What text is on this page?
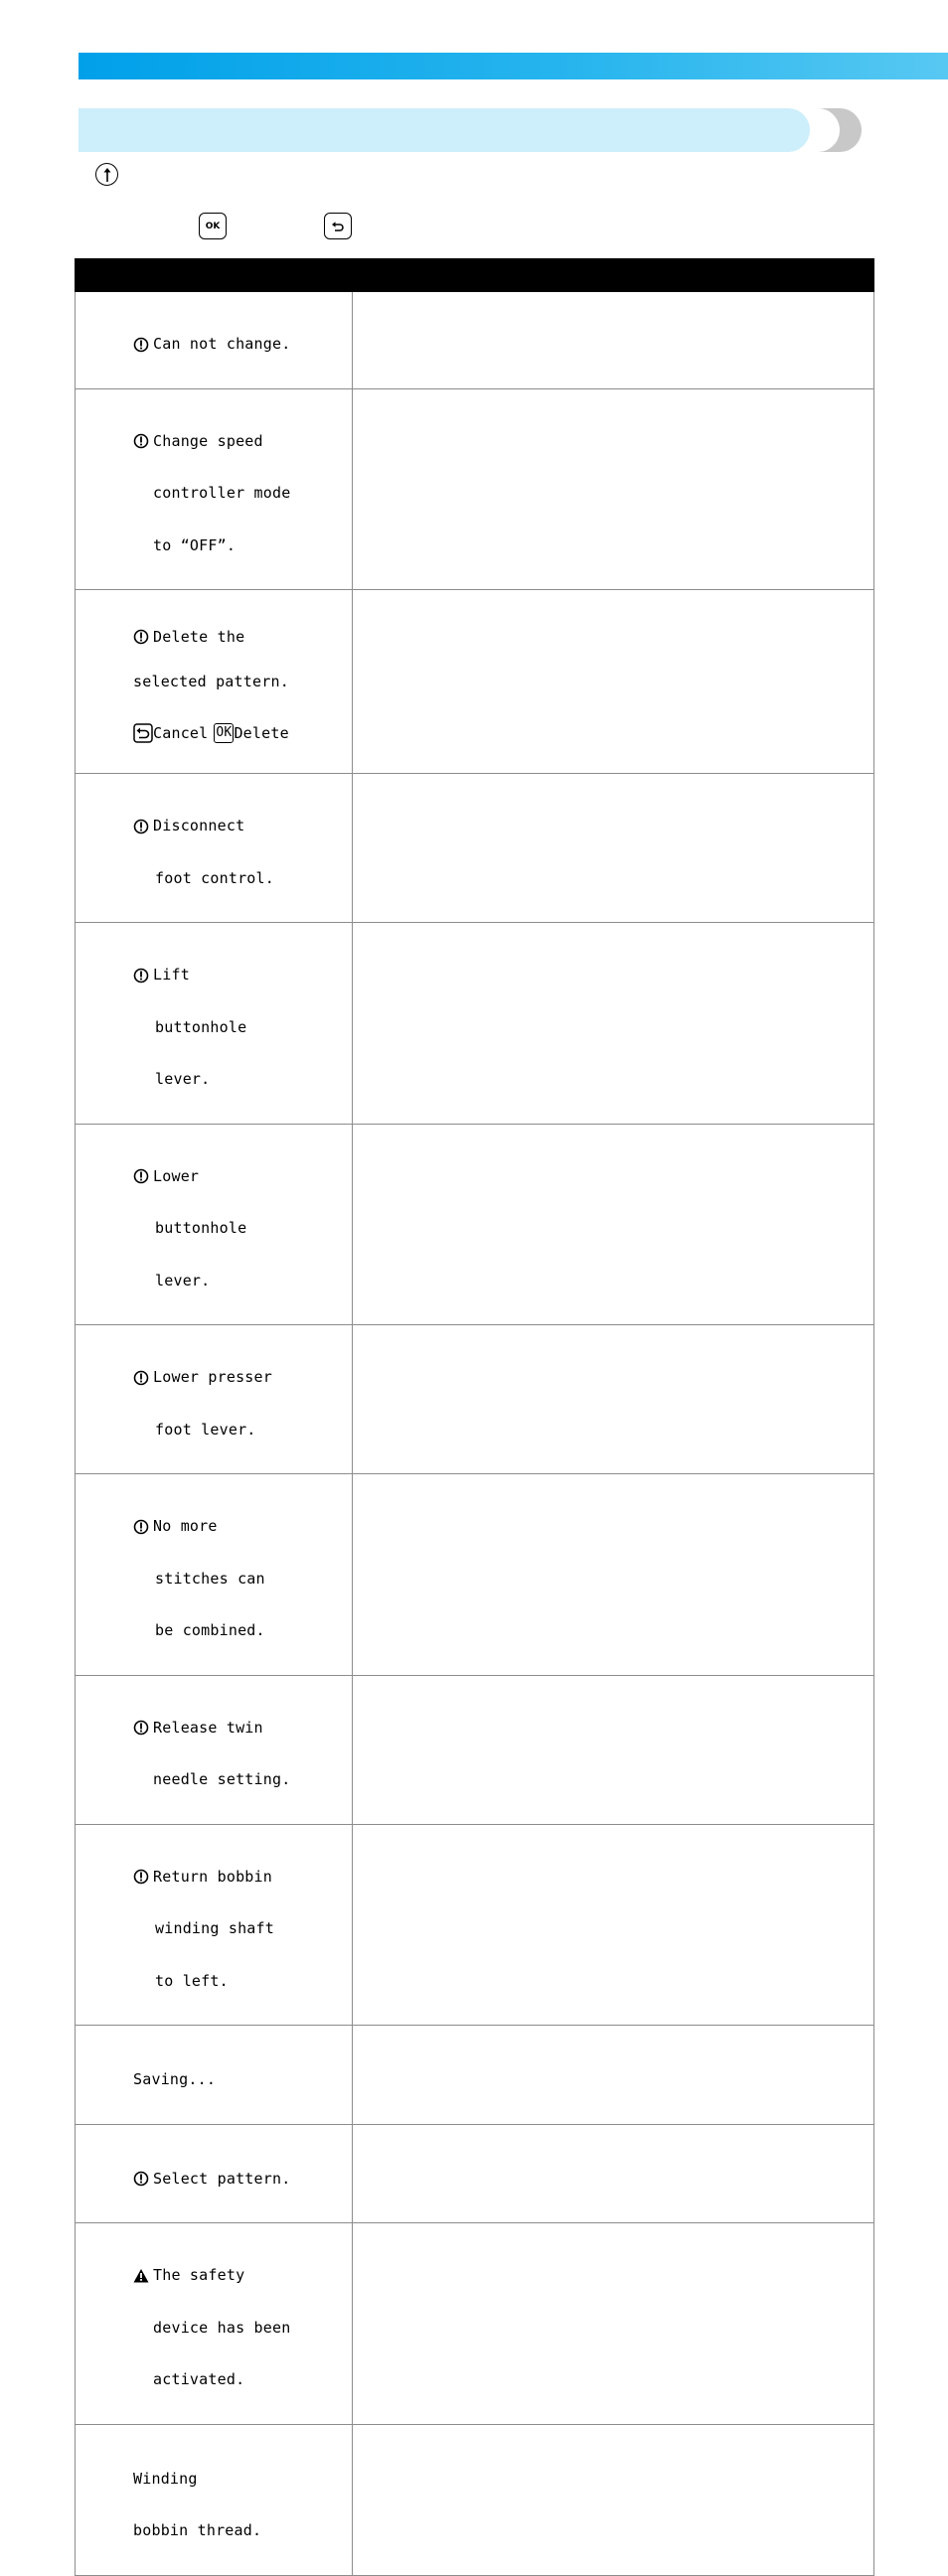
OK

Can not change.	

Change speed

controller mode

to “OFF”.	

Delete the

selected pattern.

Cancel OK Delete	

Disconnect

foot control.	

Lift

buttonhole

lever.	

Lower

buttonhole

lever.	

Lower presser

foot lever.	

No more

stitches can

be combined.	

Release twin

needle setting.	

Return bobbin

winding shaft

to left.	

Saving...	

Select pattern.	

The safety

device has been

activated.	

Winding

bobbin thread.	
